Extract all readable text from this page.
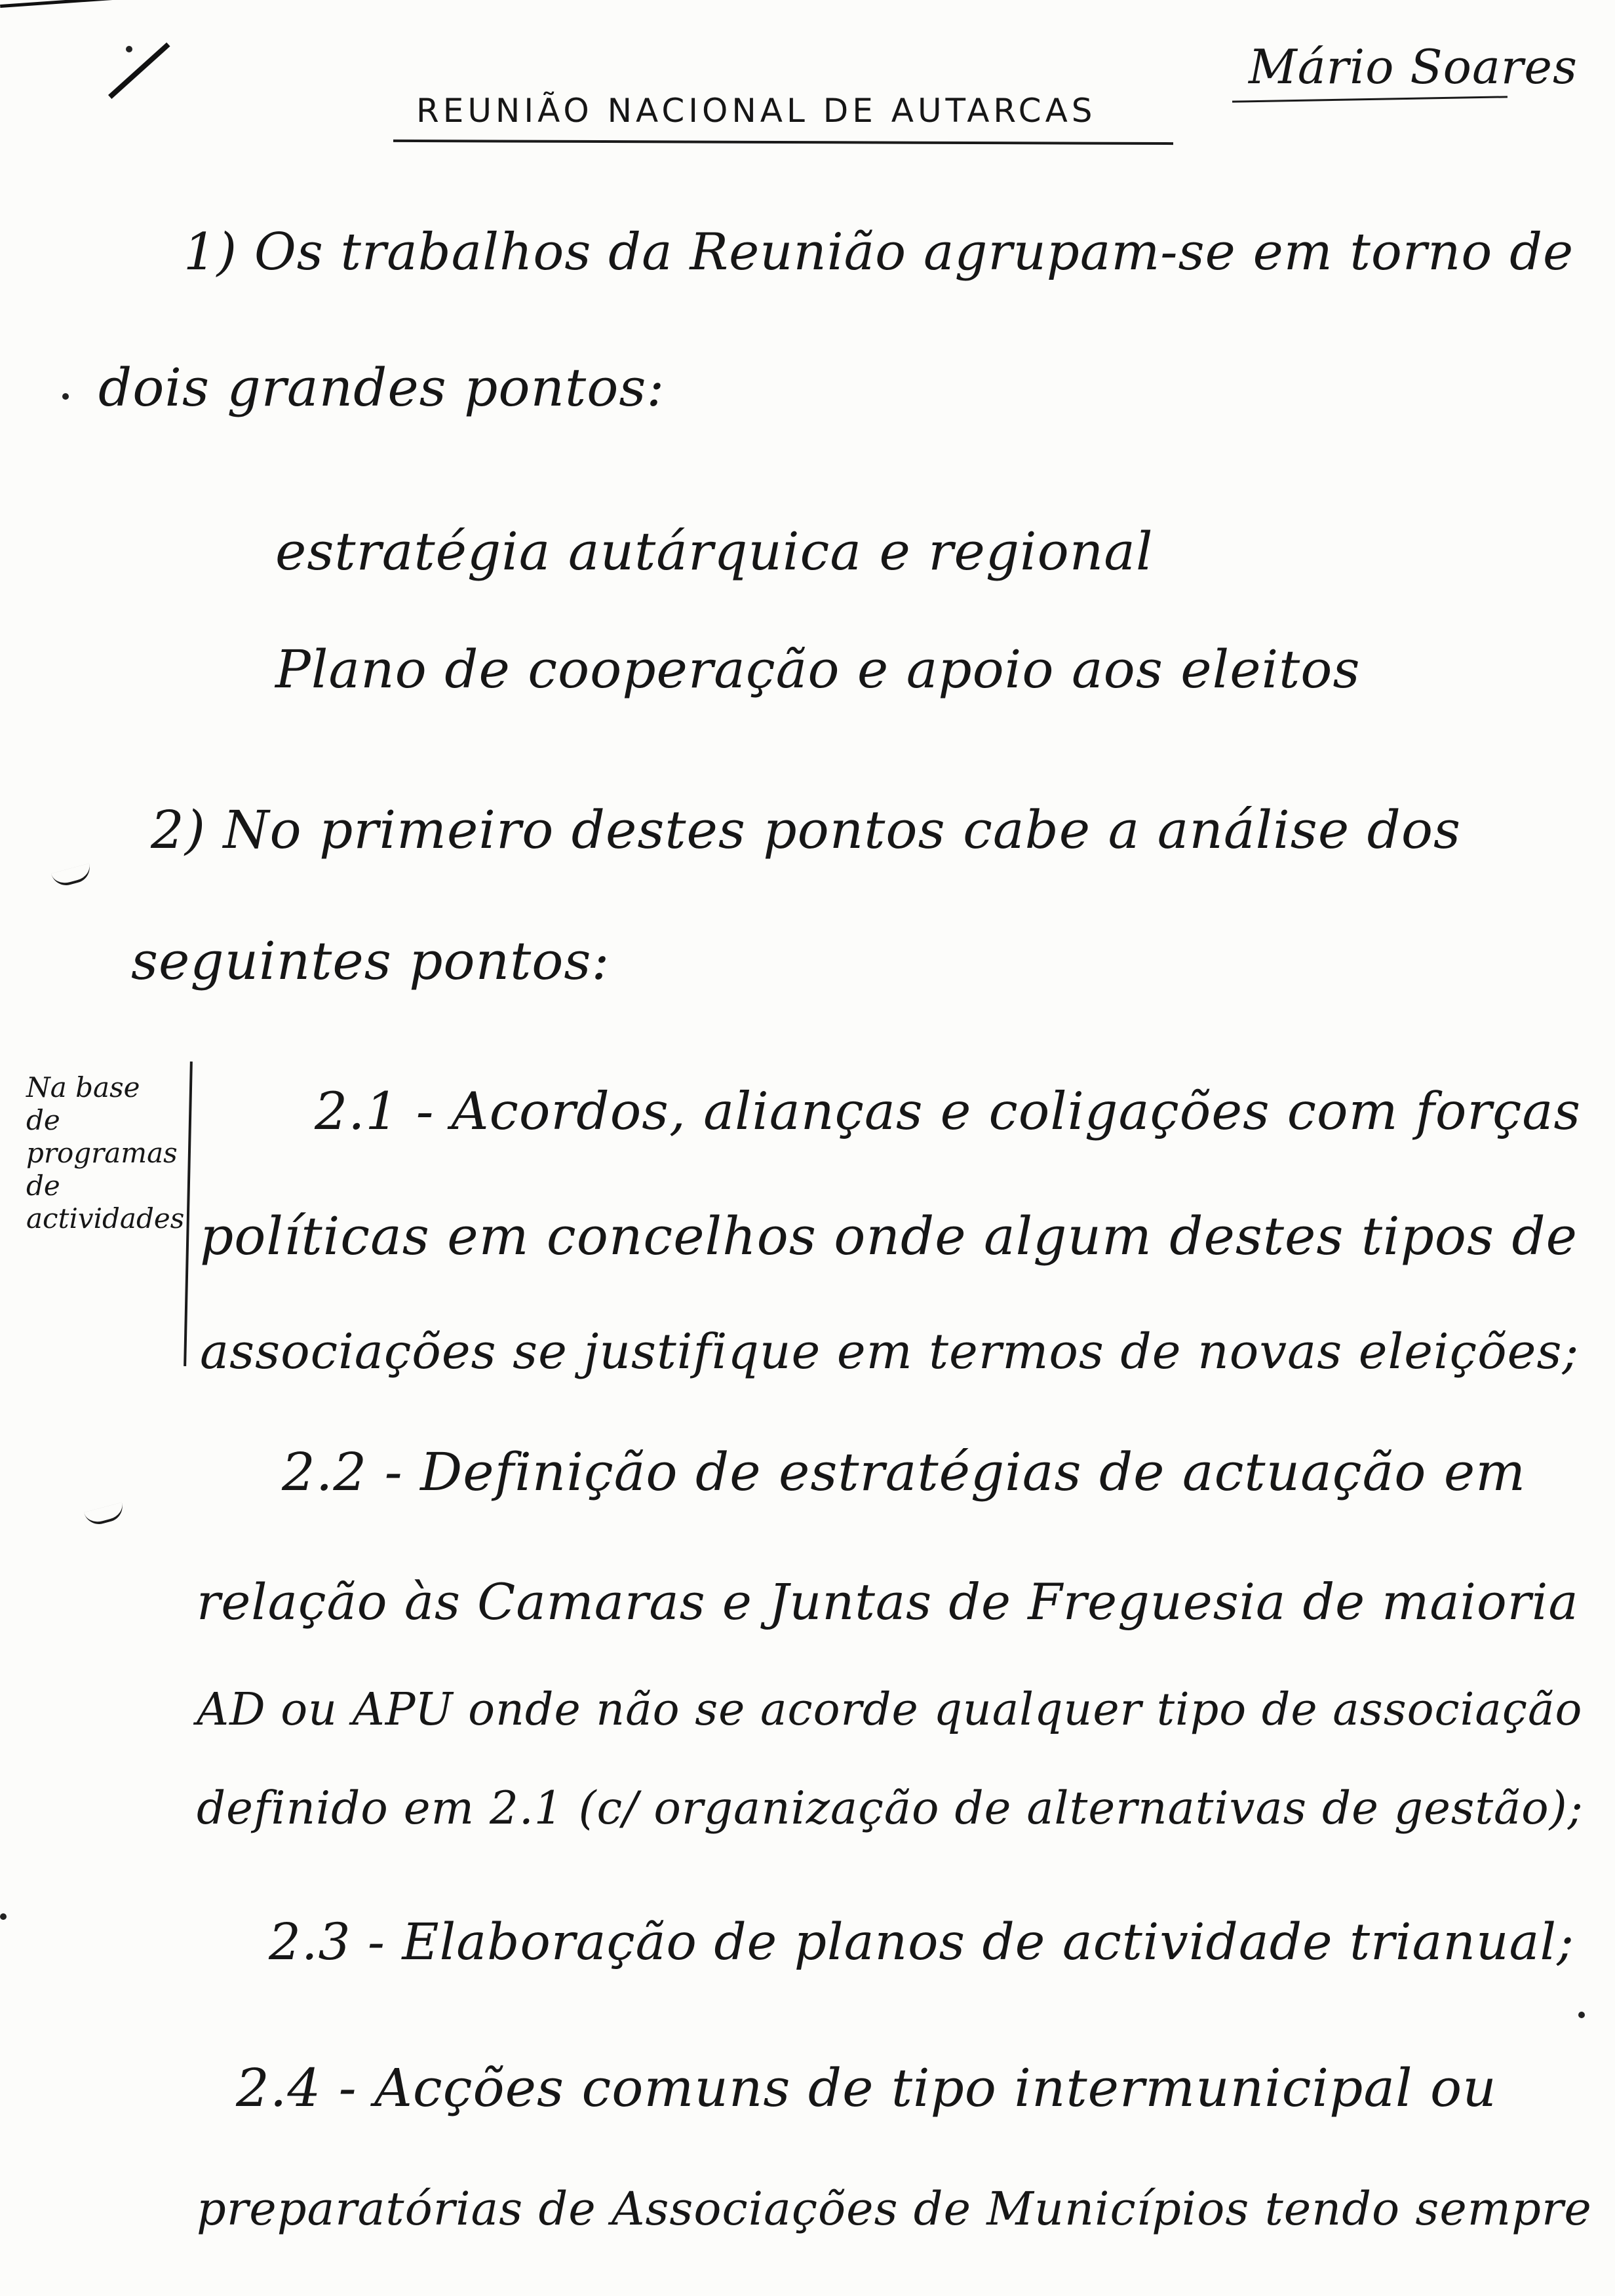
Mário Soares
REUNIÃO NACIONAL DE AUTARCAS
1) Os trabalhos da Reunião agrupam-se em torno de
dois grandes pontos:
estratégia autárquica e regional
Plano de cooperação e apoio aos eleitos
2) No primeiro destes pontos cabe a análise dos
seguintes pontos:
Na base
de
programas
de
actividades
2.1 - Acordos, alianças e coligações com forças
políticas em concelhos onde algum destes tipos de
associações se justifique em termos de novas eleições;
2.2 - Definição de estratégias de actuação em
relação às Camaras e Juntas de Freguesia de maioria
AD ou APU onde não se acorde qualquer tipo de associação
definido em 2.1 (c/ organização de alternativas de gestão);
2.3 - Elaboração de planos de actividade trianual;
2.4 - Acções comuns de tipo intermunicipal ou
preparatórias de Associações de Municípios tendo sempre
